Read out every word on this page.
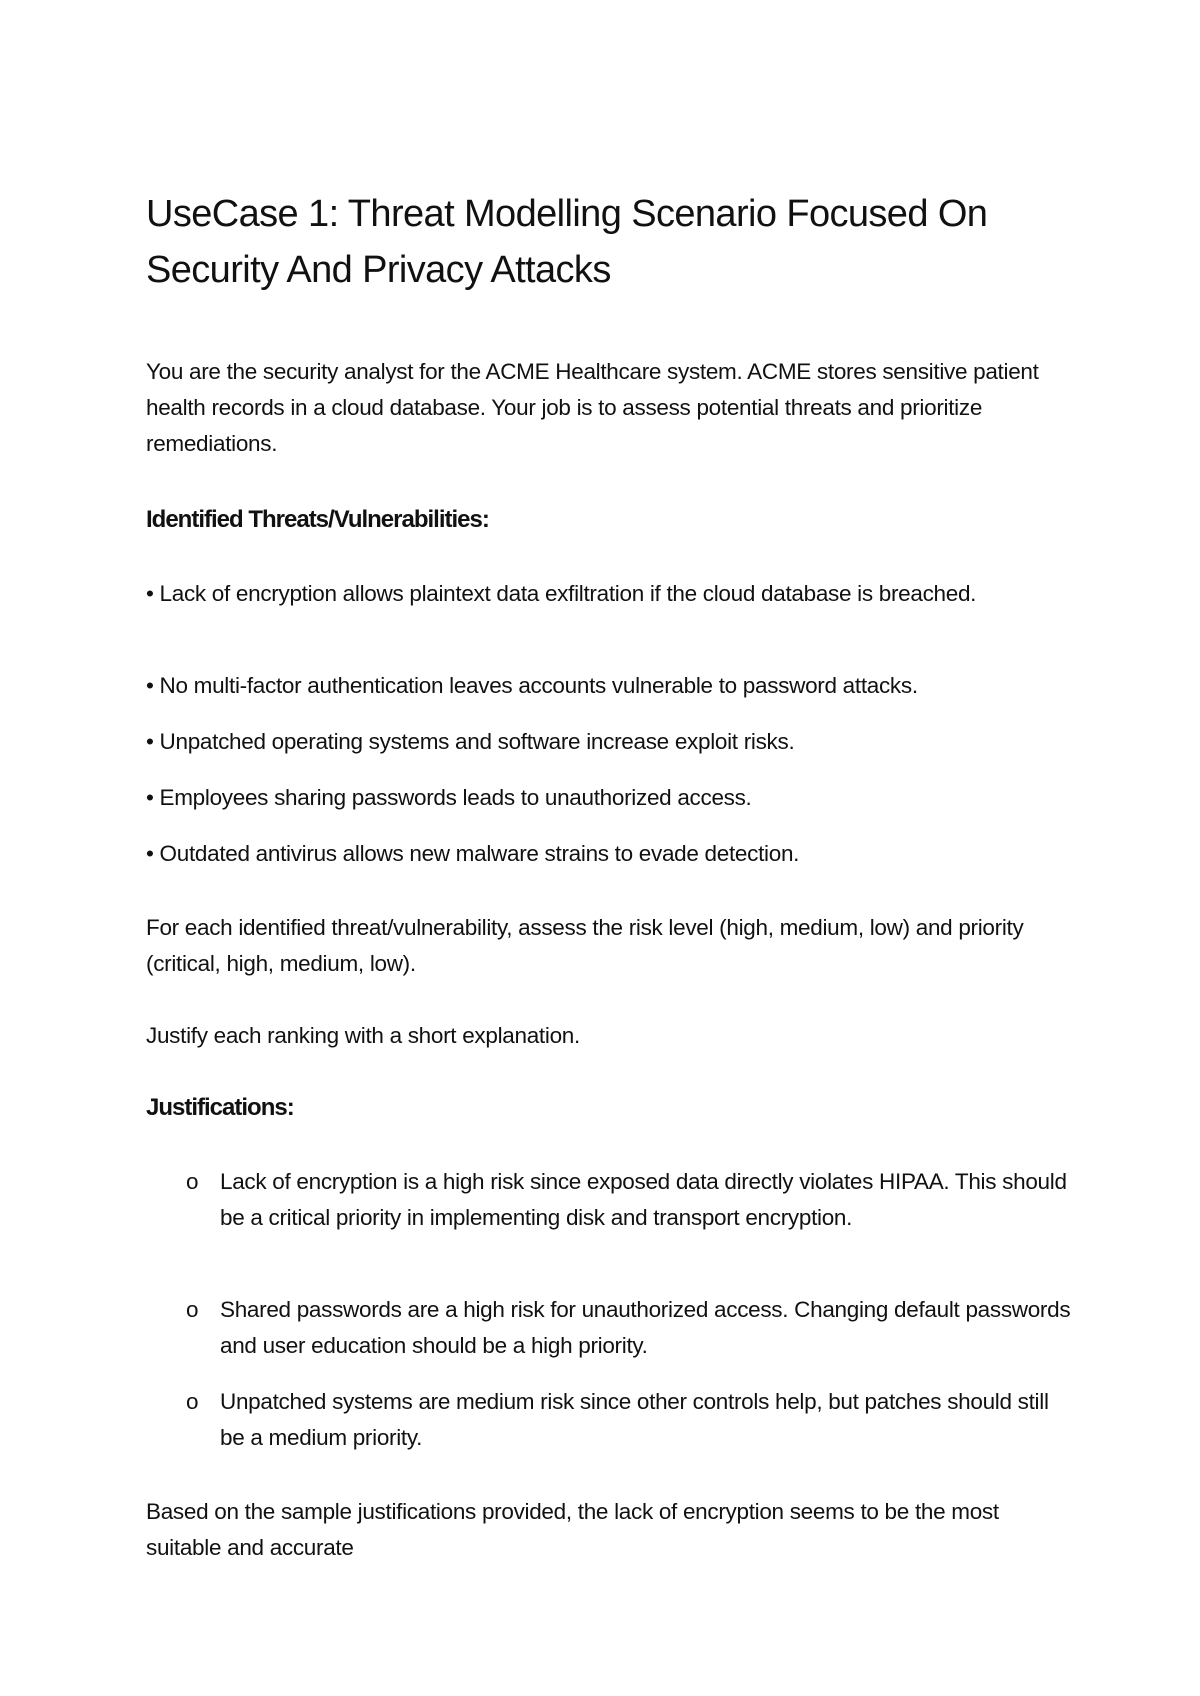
UseCase 1: Threat Modelling Scenario Focused On Security And Privacy Attacks

You are the security analyst for the ACME Healthcare system. ACME stores sensitive patient health records in a cloud database. Your job is to assess potential threats and prioritize remediations.

Identified Threats/Vulnerabilities:

• Lack of encryption allows plaintext data exfiltration if the cloud database is breached.

• No multi-factor authentication leaves accounts vulnerable to password attacks.

• Unpatched operating systems and software increase exploit risks.

• Employees sharing passwords leads to unauthorized access.

• Outdated antivirus allows new malware strains to evade detection.

For each identified threat/vulnerability, assess the risk level (high, medium, low) and priority (critical, high, medium, low).

Justify each ranking with a short explanation.

Justifications:
o Lack of encryption is a high risk since exposed data directly violates HIPAA. This should be a critical priority in implementing disk and transport encryption.
o Shared passwords are a high risk for unauthorized access. Changing default passwords and user education should be a high priority.
o Unpatched systems are medium risk since other controls help, but patches should still be a medium priority.

Based on the sample justifications provided, the lack of encryption seems to be the most suitable and accurate
